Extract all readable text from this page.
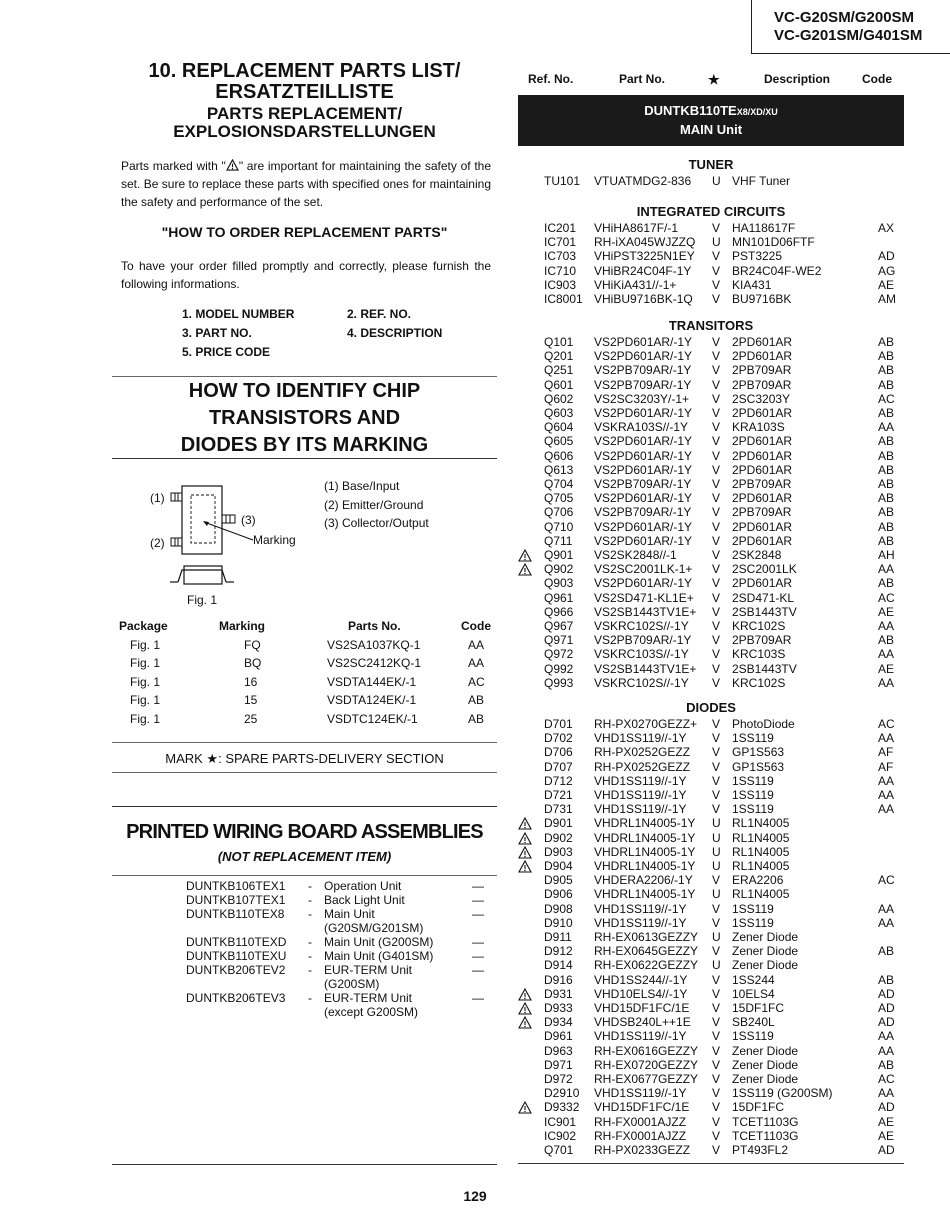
VC-G20SM/G200SM
VC-G201SM/G401SM
10. REPLACEMENT PARTS LIST/
ERSATZTEILLISTE
PARTS REPLACEMENT/
EXPLOSIONSDARSTELLUNGEN
Parts marked with " " are important for maintaining the safety of the set. Be sure to replace these parts with specified ones for maintaining the safety and performance of the set.
"HOW TO ORDER REPLACEMENT PARTS"
To have your order filled promptly and correctly, please furnish the following informations.
1. MODEL NUMBER	2. REF. NO.
3. PART NO.	4. DESCRIPTION
5. PRICE CODE
HOW TO IDENTIFY CHIP
TRANSISTORS AND
DIODES BY ITS MARKING
(1)
(2)
(3)
Marking
Fig. 1
(1) Base/Input
(2) Emitter/Ground
(3) Collector/Output
Package	Marking	Parts No.	Code
Fig. 1	FQ	VS2SA1037KQ-1	AA
Fig. 1	BQ	VS2SC2412KQ-1	AA
Fig. 1	16	VSDTA144EK/-1	AC
Fig. 1	15	VSDTA124EK/-1	AB
Fig. 1	25	VSDTC124EK/-1	AB
MARK ★: SPARE PARTS-DELIVERY SECTION
PRINTED WIRING BOARD ASSEMBLIES
(NOT REPLACEMENT ITEM)
DUNTKB106TEX1 - Operation Unit	—
DUNTKB107TEX1 - Back Light Unit	—
DUNTKB110TEX8 - Main Unit	—
(G20SM/G201SM)
DUNTKB110TEXD - Main Unit (G200SM)	—
DUNTKB110TEXU - Main Unit (G401SM)	—
DUNTKB206TEV2 - EUR-TERM Unit	—
(G200SM)
DUNTKB206TEV3 - EUR-TERM Unit	—
(except G200SM)
Ref. No.	Part No.	★	Description	Code
DUNTKB110TEX8/XD/XU
MAIN Unit
TUNER
TU101 VTUATMDG2-836 U VHF Tuner
INTEGRATED CIRCUITS
IC201 VHiHA8617F/-1	V HA118617F	AX
IC701 RH-iXA045WJZZQ U MN101D06FTF
IC703 VHiPST3225N1EY V PST3225	AD
IC710 VHiBR24C04F-1Y V BR24C04F-WE2	AG
IC903 VHiKiA431//-1+	V KIA431	AE
IC8001 VHiBU9716BK-1Q V BU9716BK	AM
TRANSITORS
Q101 VS2PD601AR/-1Y V 2PD601AR	AB
Q201 VS2PD601AR/-1Y V 2PD601AR	AB
Q251 VS2PB709AR/-1Y V 2PB709AR	AB
Q601 VS2PB709AR/-1Y V 2PB709AR	AB
Q602 VS2SC3203Y/-1+ V 2SC3203Y	AC
Q603 VS2PD601AR/-1Y V 2PD601AR	AB
Q604 VSKRA103S//-1Y V KRA103S	AA
Q605 VS2PD601AR/-1Y V 2PD601AR	AB
Q606 VS2PD601AR/-1Y V 2PD601AR	AB
Q613 VS2PD601AR/-1Y V 2PD601AR	AB
Q704 VS2PB709AR/-1Y V 2PB709AR	AB
Q705 VS2PD601AR/-1Y V 2PD601AR	AB
Q706 VS2PB709AR/-1Y V 2PB709AR	AB
Q710 VS2PD601AR/-1Y V 2PD601AR	AB
Q711 VS2PD601AR/-1Y V 2PD601AR	AB
Q901 VS2SK2848//-1	V 2SK2848	AH
Q902 VS2SC2001LK-1+ V 2SC2001LK	AA
Q903 VS2PD601AR/-1Y V 2PD601AR	AB
Q961 VS2SD471-KL1E+ V 2SD471-KL	AC
Q966 VS2SB1443TV1E+ V 2SB1443TV	AE
Q967 VSKRC102S//-1Y V KRC102S	AA
Q971 VS2PB709AR/-1Y V 2PB709AR	AB
Q972 VSKRC103S//-1Y V KRC103S	AA
Q992 VS2SB1443TV1E+ V 2SB1443TV	AE
Q993 VSKRC102S//-1Y V KRC102S	AA
DIODES
D701 RH-PX0270GEZZ+ V PhotoDiode	AC
D702 VHD1SS119//-1Y V 1SS119	AA
D706 RH-PX0252GEZZ V GP1S563	AF
D707 RH-PX0252GEZZ V GP1S563	AF
D712 VHD1SS119//-1Y V 1SS119	AA
D721 VHD1SS119//-1Y V 1SS119	AA
D731 VHD1SS119//-1Y V 1SS119	AA
D901 VHDRL1N4005-1Y U RL1N4005
D902 VHDRL1N4005-1Y U RL1N4005
D903 VHDRL1N4005-1Y U RL1N4005
D904 VHDRL1N4005-1Y U RL1N4005
D905 VHDERA2206/-1Y V ERA2206	AC
D906 VHDRL1N4005-1Y U RL1N4005
D908 VHD1SS119//-1Y V 1SS119	AA
D910 VHD1SS119//-1Y V 1SS119	AA
D911 RH-EX0613GEZZY U Zener Diode
D912 RH-EX0645GEZZY V Zener Diode	AB
D914 RH-EX0622GEZZY U Zener Diode
D916 VHD1SS244//-1Y V 1SS244	AB
D931 VHD10ELS4//-1Y V 10ELS4	AD
D933 VHD15DF1FC/1E V 15DF1FC	AD
D934 VHDSB240L++1E V SB240L	AD
D961 VHD1SS119//-1Y V 1SS119	AA
D963 RH-EX0616GEZZY V Zener Diode	AA
D971 RH-EX0720GEZZY V Zener Diode	AB
D972 RH-EX0677GEZZY V Zener Diode	AC
D2910 VHD1SS119//-1Y V 1SS119 (G200SM)	AA
D9332 VHD15DF1FC/1E V 15DF1FC	AD
IC901 RH-FX0001AJZZ V TCET1103G	AE
IC902 RH-FX0001AJZZ V TCET1103G	AE
Q701 RH-PX0233GEZZ V PT493FL2	AD
129
